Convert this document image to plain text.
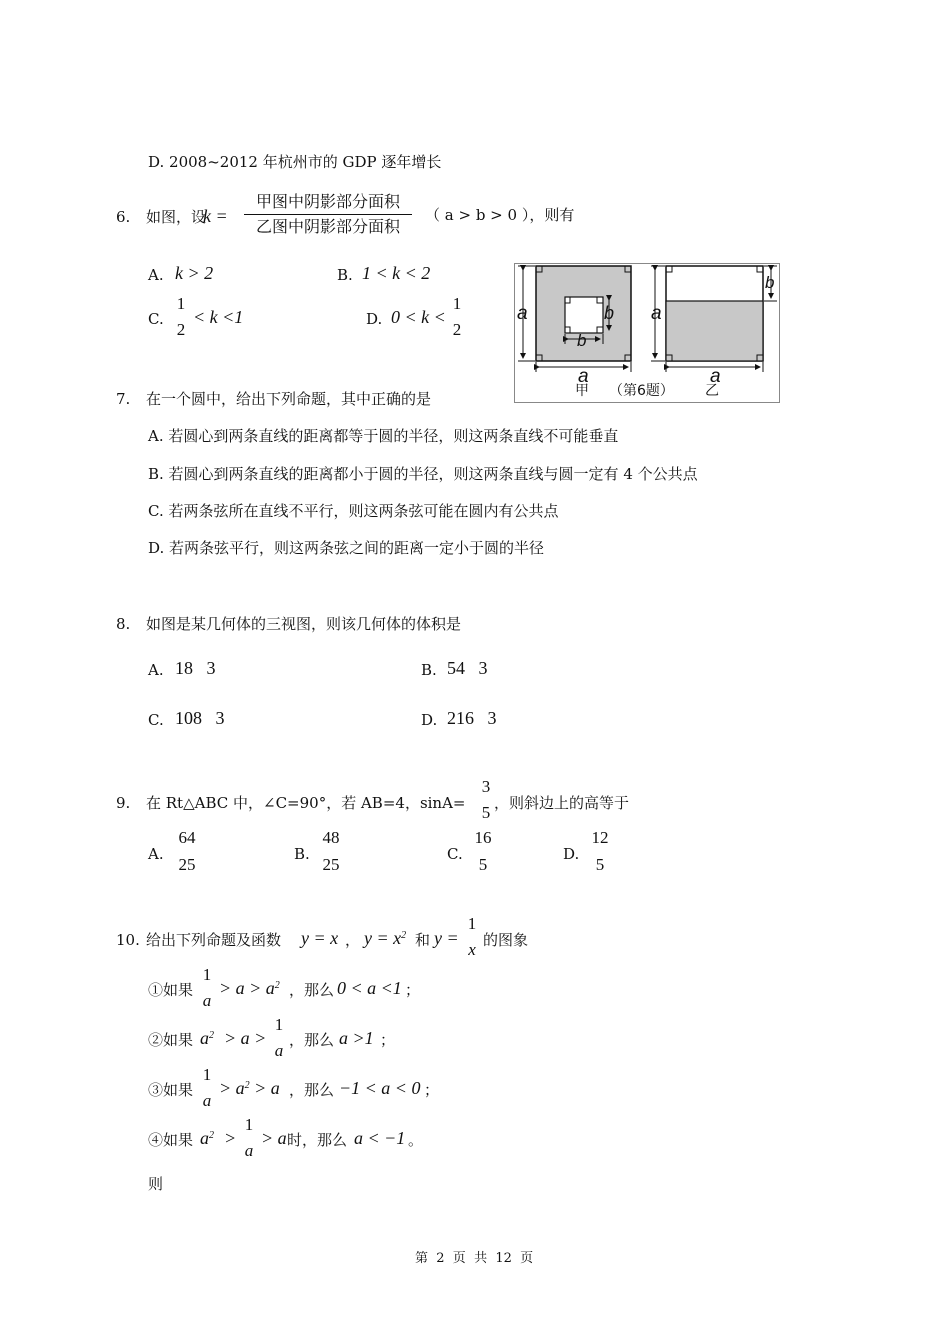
D. 2008~2012 年杭州市的 GDP 逐年增长
6. 如图，设
k =
甲图中阴影部分面积
乙图中阴影部分面积
（ a > b > 0 ），则有
A. k > 2	B. 1 < k < 2
C.
1
2
< k <1	D. 0 < k <
1
2
a
a
b
b
a
a
b
甲 （第6题） 乙
7. 在一个圆中，给出下列命题，其中正确的是
A. 若圆心到两条直线的距离都等于圆的半径，则这两条直线不可能垂直
B. 若圆心到两条直线的距离都小于圆的半径，则这两条直线与圆一定有 4 个公共点
C. 若两条弦所在直线不平行，则这两条弦可能在圆内有公共点
D. 若两条弦平行，则这两条弦之间的距离一定小于圆的半径
8. 如图是某几何体的三视图，则该几何体的体积是
A. 18   3	B. 54   3
C. 108   3	D. 216   3
9. 在 Rt△ABC 中，∠C=90°，若 AB=4，sinA=
3
5 ，则斜边上的高等于
A.
64
25
B.
48
25
C.
16
5
D.
12
5
10. 给出下列命题及函数 y = x ， $y = x^2$ 和 y =
1
x 的图象
①如果
1
a
> $a > a^2$ ，那么 0 < a <1 ；
②如果 $a^2 > a$ >
1
a
，那么 a >1 ；
③如果
1
a
> $a^2 > a$ ，那么 −1 < a < 0 ；
④如果 $a^2$ >
1
a
> a 时，那么 a < −1 。
则
第  2  页  共  12  页
